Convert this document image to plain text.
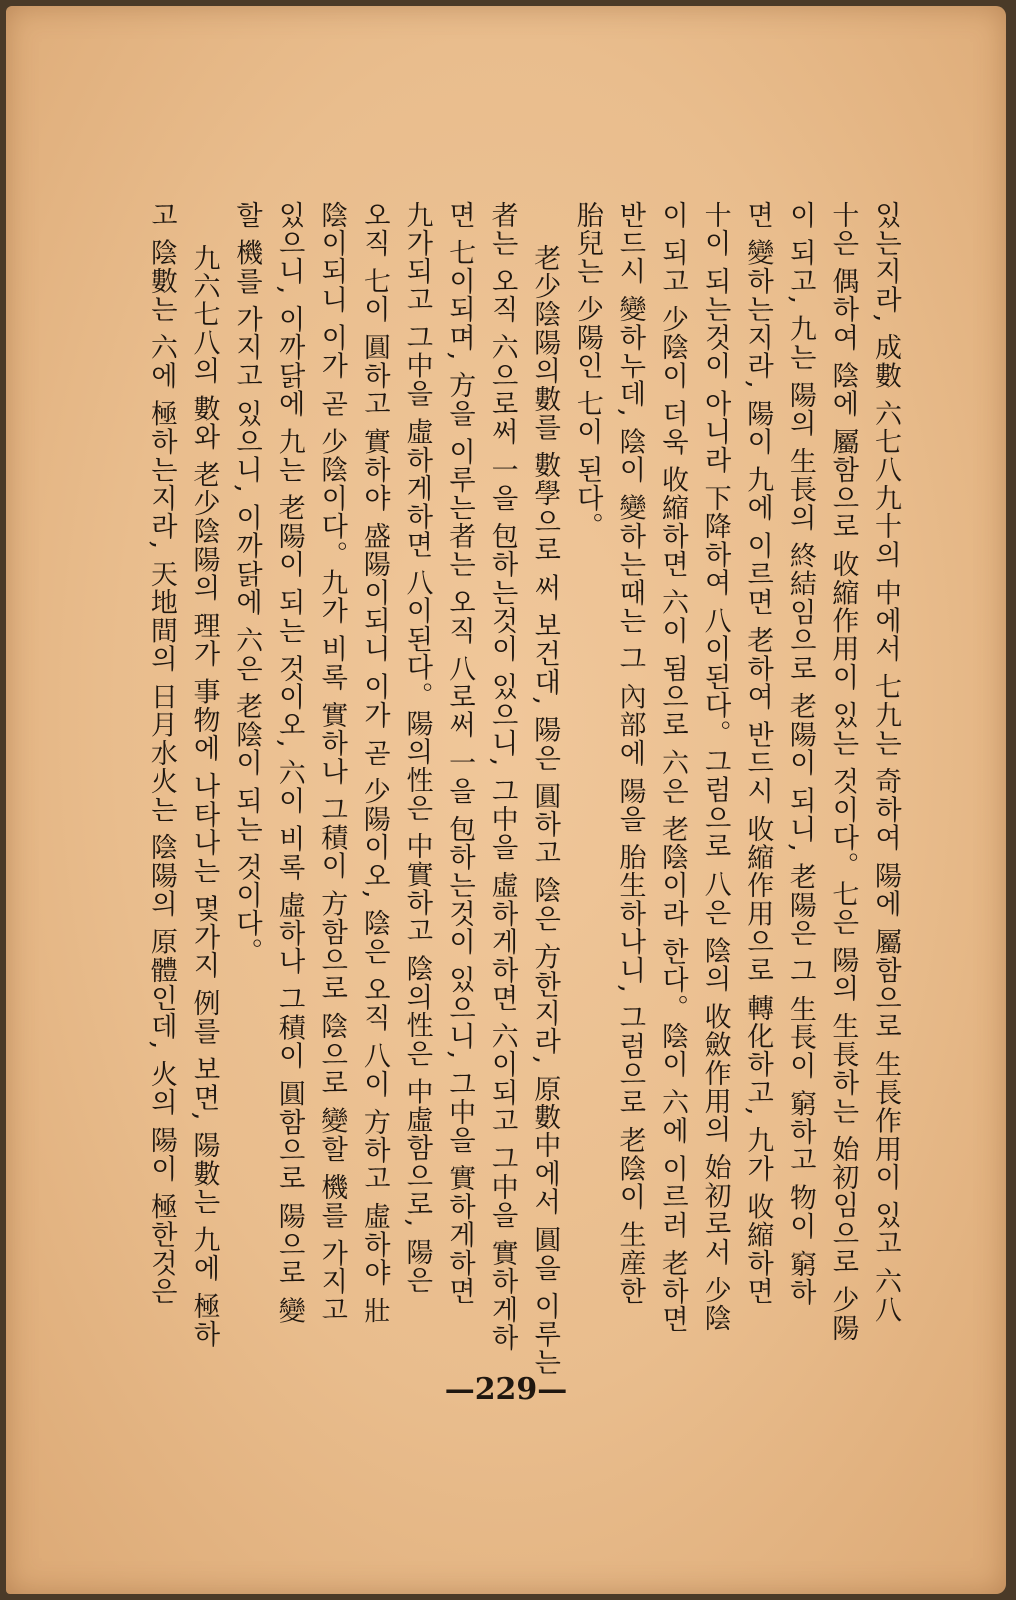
있는지라, 成數 六七八九十의 中에서 七九는 奇하여 陽에 屬함으로 生長作用이 있고 六八
十은 偶하여 陰에 屬함으로 收縮作用이 있는 것이다。七은 陽의 生長하는 始初임으로 少陽
이 되고, 九는 陽의 生長의 終結임으로 老陽이 되니, 老陽은 그 生長이 窮하고 物이 窮하
면 變하는지라, 陽이 九에 이르면 老하여 반드시 收縮作用으로 轉化하고, 九가 收縮하면
十이 되는것이 아니라 下降하여 八이된다。그럼으로 八은 陰의 收斂作用의 始初로서 少陰
이 되고 少陰이 더욱 收縮하면 六이 됨으로 六은 老陰이라 한다。陰이 六에 이르러 老하면
반드시 變하누데, 陰이 變하는때는 그 內部에 陽을 胎生하나니, 그럼으로 老陰이 生産한
胎兒는 少陽인 七이 된다。
老少陰陽의數를 數學으로 써 보건대, 陽은 圓하고 陰은 方한지라, 原數中에서 圓을 이루는
者는 오직 六으로써 一을 包하는것이 있으니, 그中을 虛하게하면 六이되고 그中을 實하게하
면 七이되며, 方을 이루는者는 오직 八로써 一을 包하는것이 있으니, 그中을 實하게하면
九가되고 그中을 虛하게하면 八이된다。陽의性은 中實하고 陰의性은 中虛함으로, 陽은
오직 七이 圓하고 實하야 盛陽이되니 이가 곧 少陽이오, 陰은 오직 八이 方하고 虛하야 壯
陰이되니 이가 곧 少陰이다。九가 비록 實하나 그積이 方함으로 陰으로 變할 機를 가지고
있으니, 이까닭에 九는 老陽이 되는 것이오, 六이 비록 虛하나 그積이 圓함으로 陽으로 變
할 機를 가지고 있으니, 이까닭에 六은 老陰이 되는 것이다。
九六七八의 數와 老少陰陽의 理가 事物에 나타나는 몇가지 例를 보면, 陽數는 九에 極하
고 陰數는 六에 極하는지라, 天地間의 日月水火는 陰陽의 原體인데, 火의 陽이 極한것은
—229—
